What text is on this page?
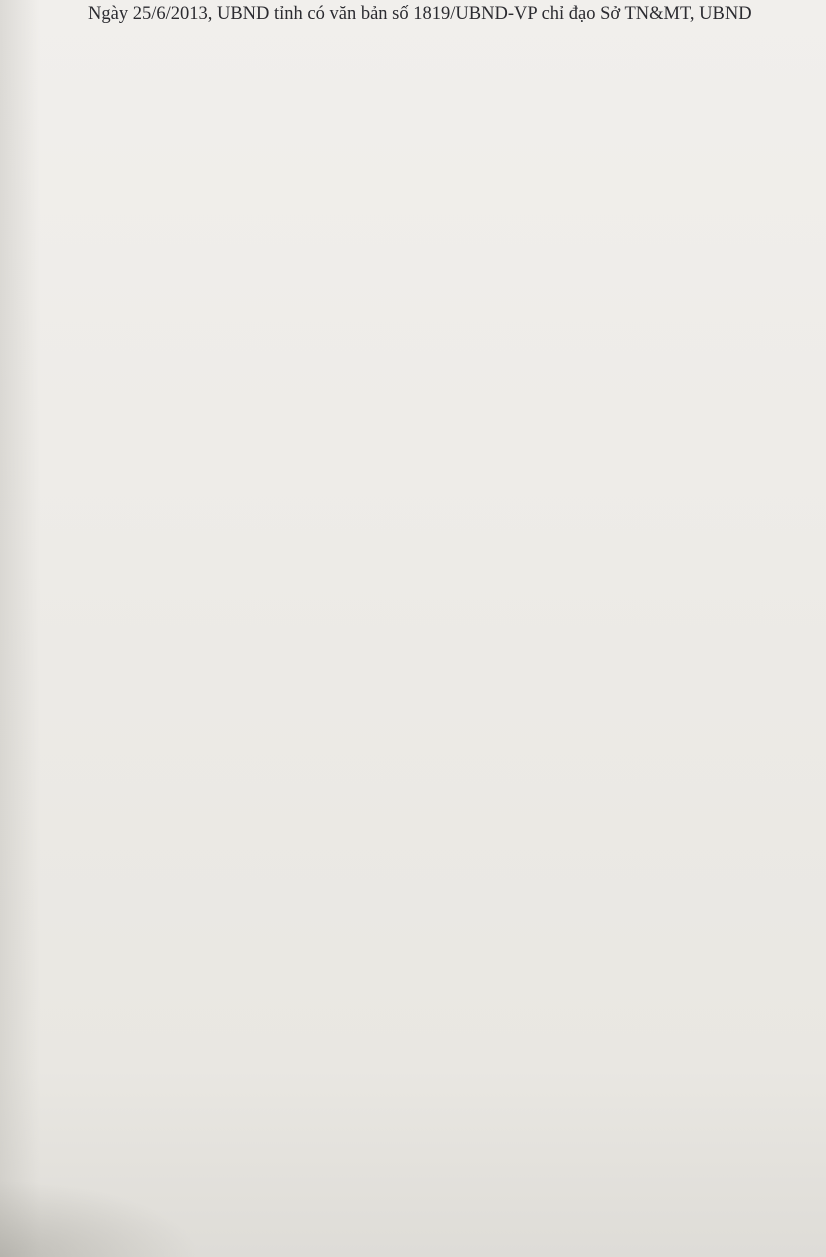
Ngày 25/6/2013, UBND tỉnh có văn bản số 1819/UBND-VP chỉ đạo Sở TN&MT, UBND
